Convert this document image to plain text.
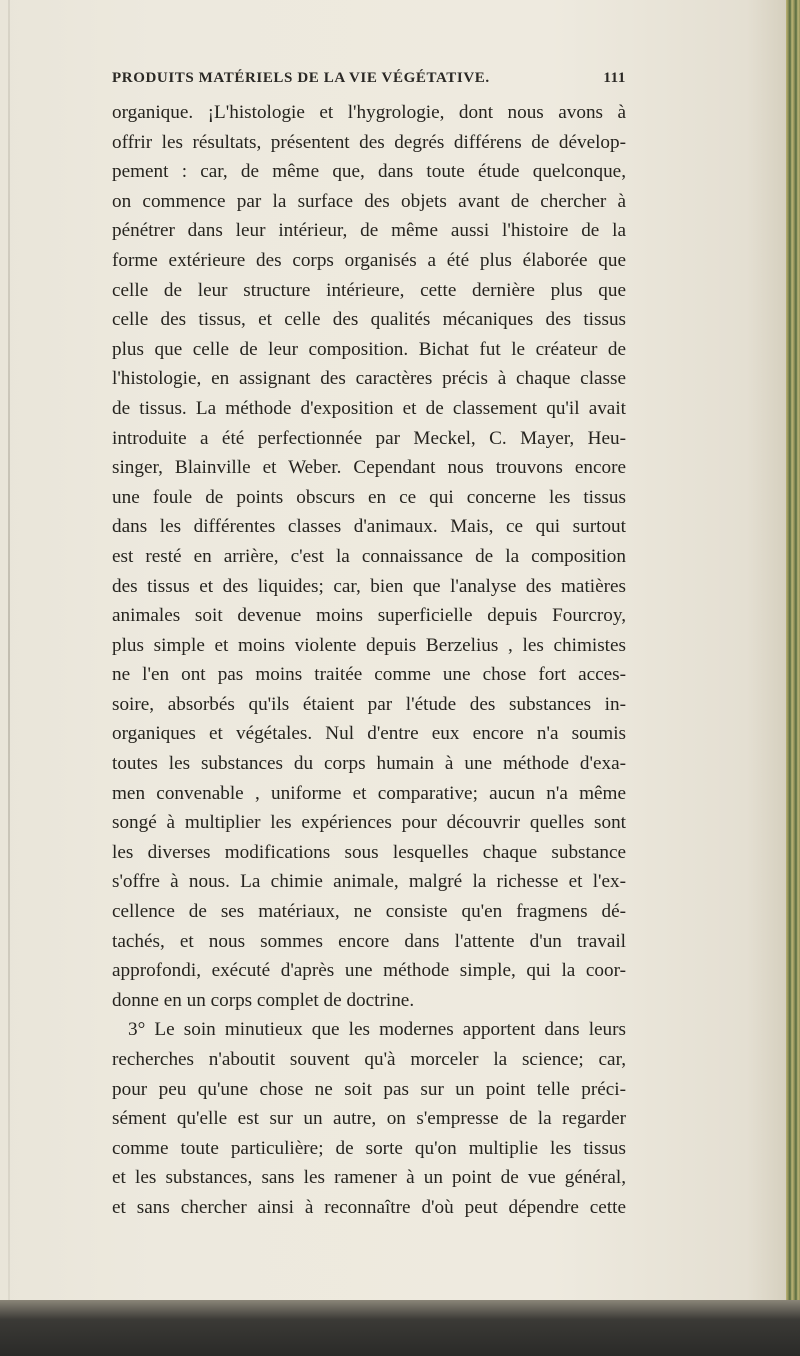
PRODUITS MATÉRIELS DE LA VIE VÉGÉTATIVE.	111
organique. ¡L'histologie et l'hygrologie, dont nous avons à
offrir les résultats, présentent des degrés différens de dévelop-
pement : car, de même que, dans toute étude quelconque,
on commence par la surface des objets avant de chercher à
pénétrer dans leur intérieur, de même aussi l'histoire de la
forme extérieure des corps organisés a été plus élaborée que
celle de leur structure intérieure, cette dernière plus que
celle des tissus, et celle des qualités mécaniques des tissus
plus que celle de leur composition. Bichat fut le créateur de
l'histologie, en assignant des caractères précis à chaque classe
de tissus. La méthode d'exposition et de classement qu'il avait
introduite a été perfectionnée par Meckel, C. Mayer, Heu-
singer, Blainville et Weber. Cependant nous trouvons encore
une foule de points obscurs en ce qui concerne les tissus
dans les différentes classes d'animaux. Mais, ce qui surtout
est resté en arrière, c'est la connaissance de la composition
des tissus et des liquides; car, bien que l'analyse des matières
animales soit devenue moins superficielle depuis Fourcroy,
plus simple et moins violente depuis Berzelius , les chimistes
ne l'en ont pas moins traitée comme une chose fort acces-
soire, absorbés qu'ils étaient par l'étude des substances in-
organiques et végétales. Nul d'entre eux encore n'a soumis
toutes les substances du corps humain à une méthode d'exa-
men convenable , uniforme et comparative; aucun n'a même
songé à multiplier les expériences pour découvrir quelles sont
les diverses modifications sous lesquelles chaque substance
s'offre à nous. La chimie animale, malgré la richesse et l'ex-
cellence de ses matériaux, ne consiste qu'en fragmens dé-
tachés, et nous sommes encore dans l'attente d'un travail
approfondi, exécuté d'après une méthode simple, qui la coor-
donne en un corps complet de doctrine.
3° Le soin minutieux que les modernes apportent dans leurs
recherches n'aboutit souvent qu'à morceler la science; car,
pour peu qu'une chose ne soit pas sur un point telle préci-
sément qu'elle est sur un autre, on s'empresse de la regarder
comme toute particulière; de sorte qu'on multiplie les tissus
et les substances, sans les ramener à un point de vue général,
et sans chercher ainsi à reconnaître d'où peut dépendre cette
